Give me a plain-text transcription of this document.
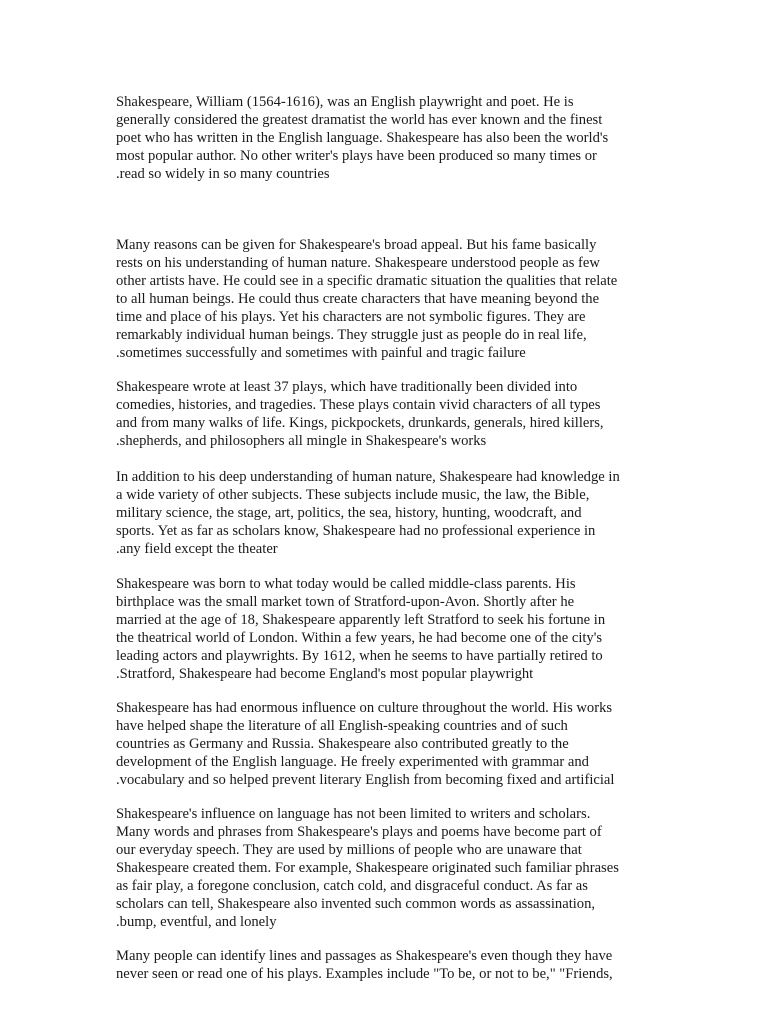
Shakespeare, William (1564-1616), was an English playwright and poet. He is
generally considered the greatest dramatist the world has ever known and the finest
poet who has written in the English language. Shakespeare has also been the world's
most popular author. No other writer's plays have been produced so many times or
.read so widely in so many countries
Many reasons can be given for Shakespeare's broad appeal. But his fame basically
rests on his understanding of human nature. Shakespeare understood people as few
other artists have. He could see in a specific dramatic situation the qualities that relate
to all human beings. He could thus create characters that have meaning beyond the
time and place of his plays. Yet his characters are not symbolic figures. They are
remarkably individual human beings. They struggle just as people do in real life,
.sometimes successfully and sometimes with painful and tragic failure
Shakespeare wrote at least 37 plays, which have traditionally been divided into
comedies, histories, and tragedies. These plays contain vivid characters of all types
and from many walks of life. Kings, pickpockets, drunkards, generals, hired killers,
.shepherds, and philosophers all mingle in Shakespeare's works
In addition to his deep understanding of human nature, Shakespeare had knowledge in
a wide variety of other subjects. These subjects include music, the law, the Bible,
military science, the stage, art, politics, the sea, history, hunting, woodcraft, and
sports. Yet as far as scholars know, Shakespeare had no professional experience in
.any field except the theater
Shakespeare was born to what today would be called middle-class parents. His
birthplace was the small market town of Stratford-upon-Avon. Shortly after he
married at the age of 18, Shakespeare apparently left Stratford to seek his fortune in
the theatrical world of London. Within a few years, he had become one of the city's
leading actors and playwrights. By 1612, when he seems to have partially retired to
.Stratford, Shakespeare had become England's most popular playwright
Shakespeare has had enormous influence on culture throughout the world. His works
have helped shape the literature of all English-speaking countries and of such
countries as Germany and Russia. Shakespeare also contributed greatly to the
development of the English language. He freely experimented with grammar and
.vocabulary and so helped prevent literary English from becoming fixed and artificial
Shakespeare's influence on language has not been limited to writers and scholars.
Many words and phrases from Shakespeare's plays and poems have become part of
our everyday speech. They are used by millions of people who are unaware that
Shakespeare created them. For example, Shakespeare originated such familiar phrases
as fair play, a foregone conclusion, catch cold, and disgraceful conduct. As far as
scholars can tell, Shakespeare also invented such common words as assassination,
.bump, eventful, and lonely
Many people can identify lines and passages as Shakespeare's even though they have
never seen or read one of his plays. Examples include "To be, or not to be," "Friends,
